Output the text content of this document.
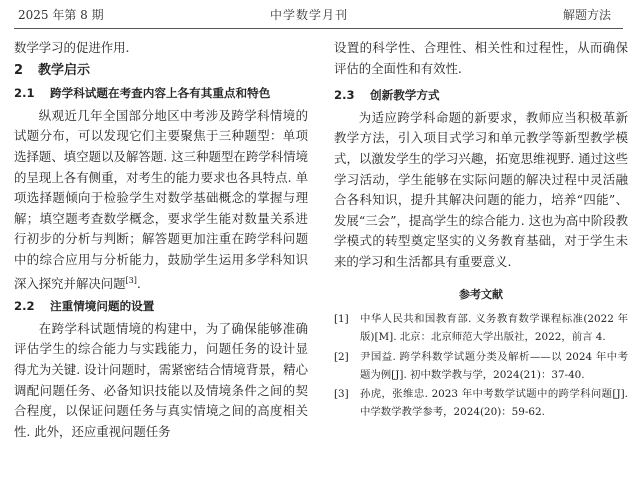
2025 年第 8 期	中学数学月刊	解题方法

数学学习的促进作用.

2 教学启示
2.1 跨学科试题在考查内容上各有其重点和特色

纵观近几年全国部分地区中考涉及跨学科情境的试题分布，可以发现它们主要聚焦于三种题型：单项选择题、填空题以及解答题. 这三种题型在跨学科情境的呈现上各有侧重，对考生的能力要求也各具特点. 单项选择题倾向于检验学生对数学基础概念的掌握与理解；填空题考查数学概念，要求学生能对数量关系进行初步的分析与判断；解答题更加注重在跨学科问题中的综合应用与分析能力，鼓励学生运用多学科知识深入探究并解决问题[3].

2.2 注重情境问题的设置

在跨学科试题情境的构建中，为了确保能够准确评估学生的综合能力与实践能力，问题任务的设计显得尤为关键. 设计问题时，需紧密结合情境背景，精心调配问题任务、必备知识技能以及情境条件之间的契合程度，以保证问题任务与真实情境之间的高度相关性. 此外，还应重视问题任务

设置的科学性、合理性、相关性和过程性，从而确保评估的全面性和有效性.

2.3 创新教学方式

为适应跨学科命题的新要求，教师应当积极革新教学方法，引入项目式学习和单元教学等新型教学模式，以激发学生的学习兴趣，拓宽思维视野. 通过这些学习活动，学生能够在实际问题的解决过程中灵活融合各科知识，提升其解决问题的能力，培养“四能”、发展“三会”，提高学生的综合能力. 这也为高中阶段教学模式的转型奠定坚实的义务教育基础，对于学生未来的学习和生活都具有重要意义.

参考文献
[1]	中华人民共和国教育部. 义务教育数学课程标准(2022 年版)[M]. 北京：北京师范大学出版社，2022，前言 4.
[2]	尹国益. 跨学科数学试题分类及解析——以 2024 年中考题为例[J]. 初中数学教与学，2024(21)：37-40.
[3]	孙虎，张维忠. 2023 年中考数学试题中的跨学科问题[J]. 中学数学教学参考，2024(20)：59-62.
